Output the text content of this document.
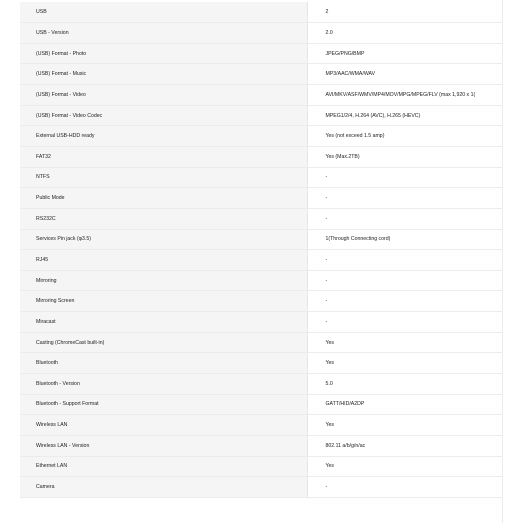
USB	2
USB - Version	2.0
(USB) Format - Photo	JPEG/PNG/BMP
(USB) Format - Music	MP3/AAC/WMA/WAV
(USB) Format - Video	AVI/MKV/ASF/WMV/MP4/MOV/MPG/MPEG/FLV (max 1,920 x 1(
(USB) Format - Video Codec	MPEG1/2/4, H.264 (AVC), H.265 (HEVC)
External USB-HDD ready	Yes (not exceed 1.5 amp)
FAT32	Yes (Max.2TB)
NTFS	-
Public Mode	-
RS232C	-
Services Pin jack (φ3.5)	1(Through Connecting cord)
RJ45	-
Mirroring	-
Mirroring Screen	-
Miracast	-
Casting (ChromeCast built-in)	Yes
Bluetooth	Yes
Bluetooth - Version	5.0
Bluetooth - Support Format	GATT/HID/A2DP
Wireless LAN	Yes
Wireless LAN - Version	802.11 a/b/g/n/ac
Ethernet LAN	Yes
Camera	-
